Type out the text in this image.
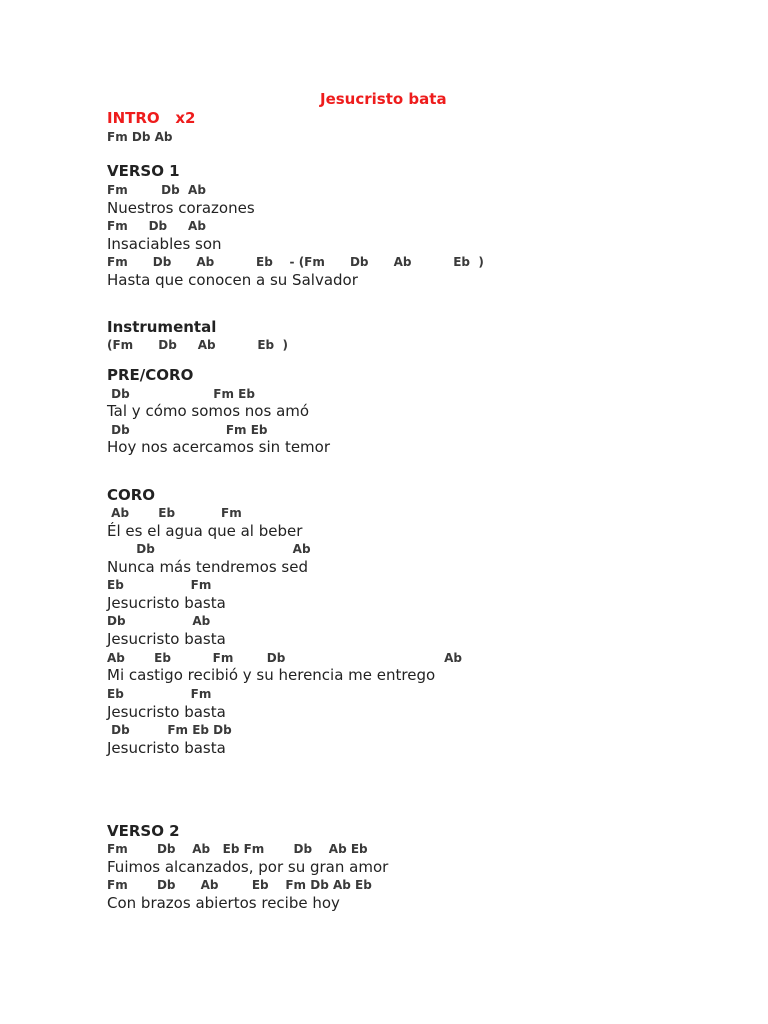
Jesucristo bata
INTRO   x2
Fm Db Ab
VERSO 1
Fm        Db  Ab
Nuestros corazones
Fm     Db     Ab
Insaciables son
Fm      Db      Ab          Eb    - (Fm      Db      Ab          Eb  )
Hasta que conocen a su Salvador
Instrumental
(Fm      Db     Ab          Eb  )
PRE/CORO
Db                    Fm Eb
Tal y cómo somos nos amó
Db                       Fm Eb
Hoy nos acercamos sin temor
CORO
Ab       Eb           Fm
Él es el agua que al beber
Db                                 Ab
Nunca más tendremos sed
Eb                Fm
Jesucristo basta
Db                Ab
Jesucristo basta
Ab       Eb          Fm        Db                                      Ab
Mi castigo recibió y su herencia me entrego
Eb                Fm
Jesucristo basta
Db         Fm Eb Db
Jesucristo basta
VERSO 2
Fm       Db    Ab   Eb Fm       Db    Ab Eb
Fuimos alcanzados, por su gran amor
Fm       Db      Ab        Eb    Fm Db Ab Eb
Con brazos abiertos recibe hoy
